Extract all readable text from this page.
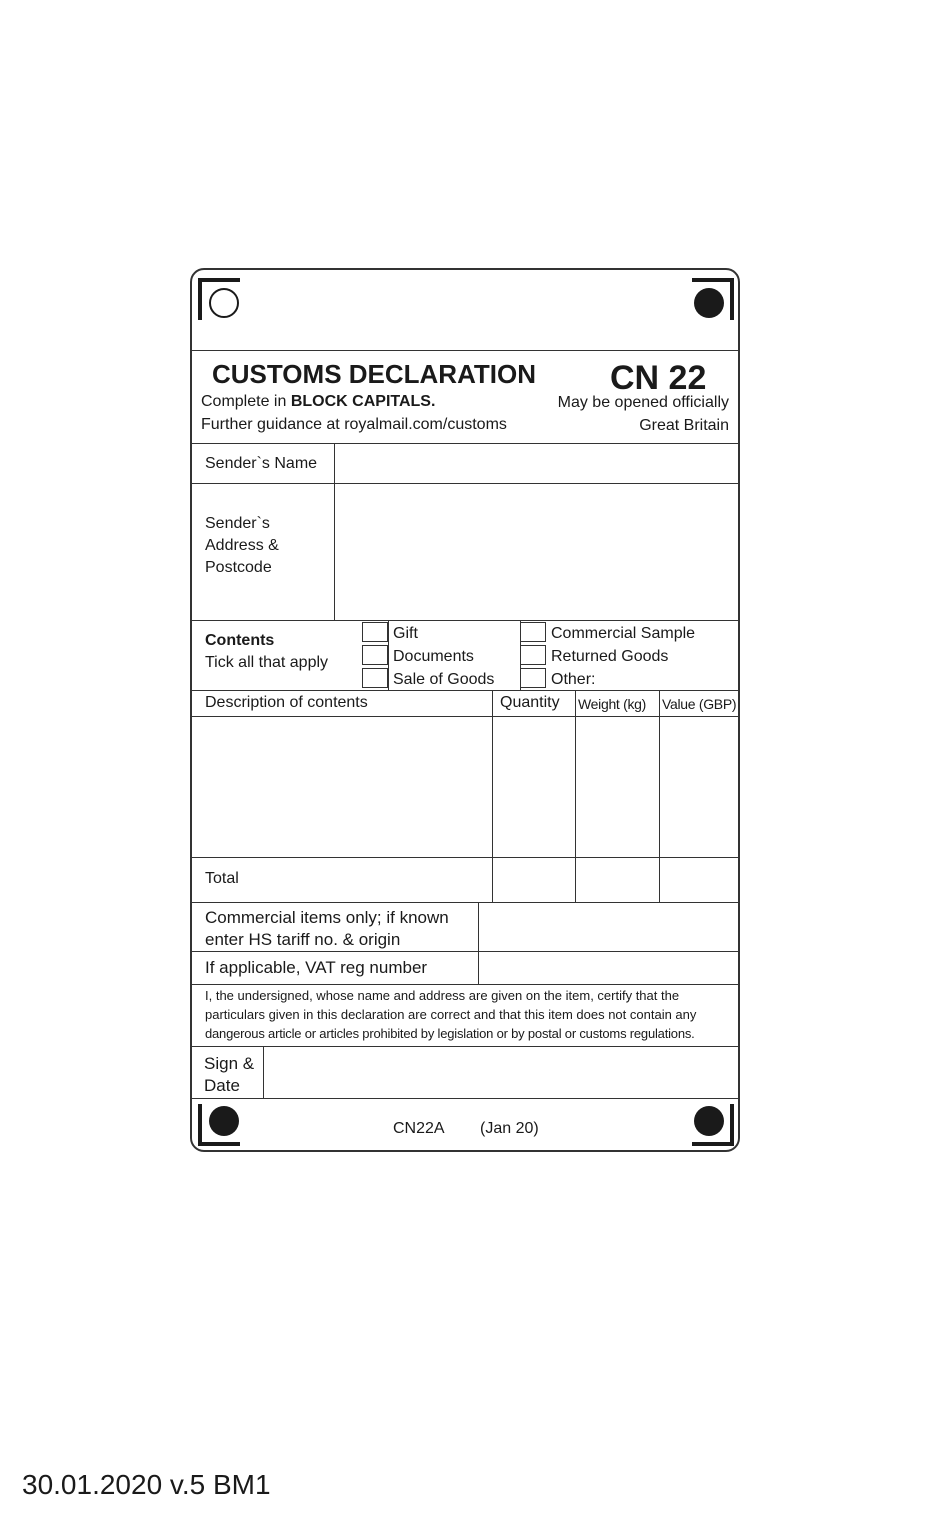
CUSTOMS DECLARATION CN 22
Complete in BLOCK CAPITALS.	May be opened officially
Further guidance at royalmail.com/customs	Great Britain
Sender`s Name
Sender`s
Address &
Postcode
Contents
Tick all that apply
Gift
Documents
Sale of Goods
Commercial Sample
Returned Goods
Other:
Description of contents	Quantity Weight (kg) Value (GBP)
Total
Commercial items only; if known
enter HS tariff no. & origin
If applicable, VAT reg number
I, the undersigned, whose name and address are given on the item, certify that the
particulars given in this declaration are correct and that this item does not contain any
dangerous article or articles prohibited by legislation or by postal or customs regulations.
Sign &
Date
CN22A (Jan 20)
30.01.2020 v.5 BM1
